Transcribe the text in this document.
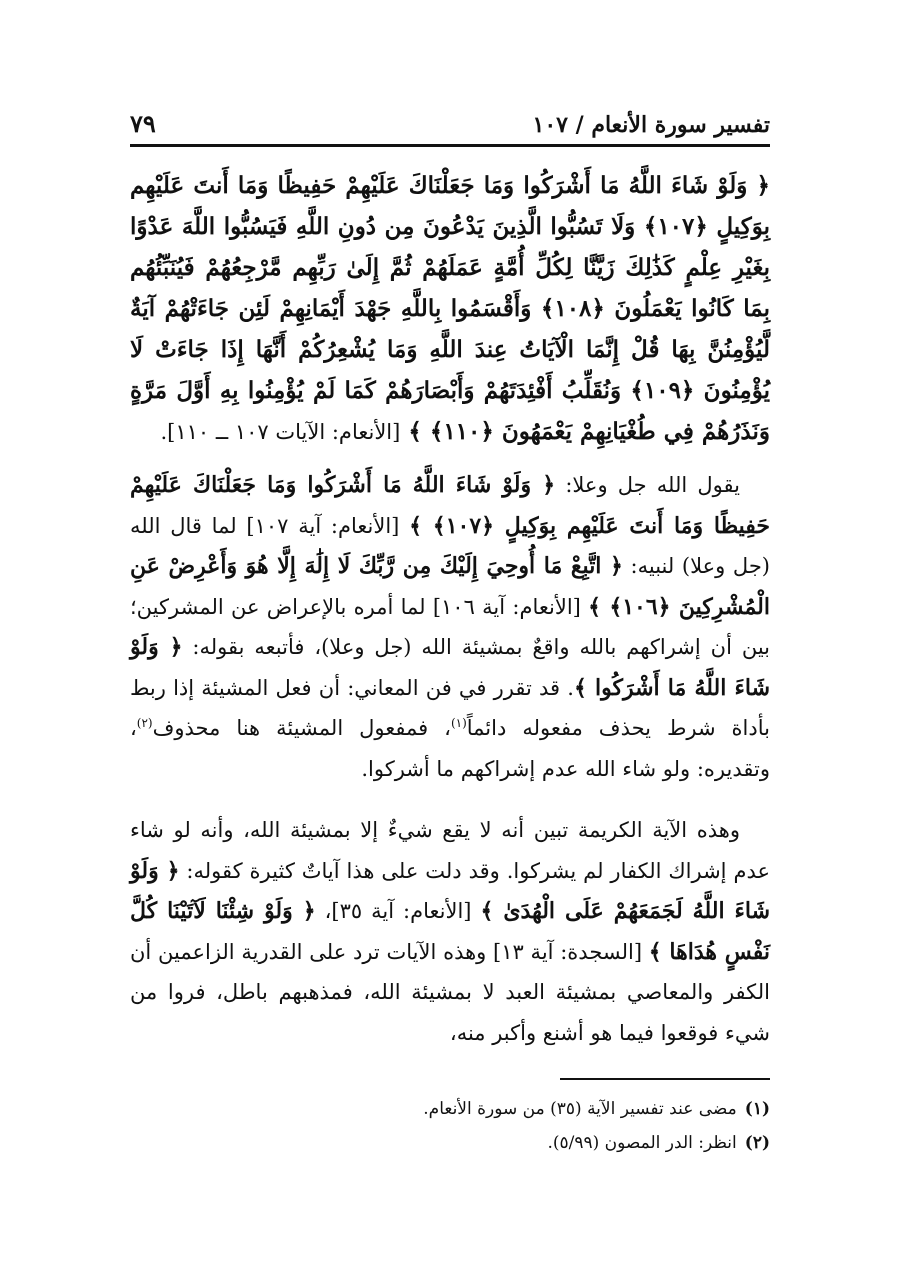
تفسير سورة الأنعام / ١٠٧
٧٩
﴿ وَلَوْ شَاءَ اللَّهُ مَا أَشْرَكُوا وَمَا جَعَلْنَاكَ عَلَيْهِمْ حَفِيظًا وَمَا أَنتَ عَلَيْهِم بِوَكِيلٍ ﴿١٠٧﴾ وَلَا تَسُبُّوا الَّذِينَ يَدْعُونَ مِن دُونِ اللَّهِ فَيَسُبُّوا اللَّهَ عَدْوًا بِغَيْرِ عِلْمٍ كَذَٰلِكَ زَيَّنَّا لِكُلِّ أُمَّةٍ عَمَلَهُمْ ثُمَّ إِلَىٰ رَبِّهِم مَّرْجِعُهُمْ فَيُنَبِّئُهُم بِمَا كَانُوا يَعْمَلُونَ ﴿١٠٨﴾ وَأَقْسَمُوا بِاللَّهِ جَهْدَ أَيْمَانِهِمْ لَئِن جَاءَتْهُمْ آيَةٌ لَّيُؤْمِنُنَّ بِهَا قُلْ إِنَّمَا الْآيَاتُ عِندَ اللَّهِ وَمَا يُشْعِرُكُمْ أَنَّهَا إِذَا جَاءَتْ لَا يُؤْمِنُونَ ﴿١٠٩﴾ وَنُقَلِّبُ أَفْئِدَتَهُمْ وَأَبْصَارَهُمْ كَمَا لَمْ يُؤْمِنُوا بِهِ أَوَّلَ مَرَّةٍ وَنَذَرُهُمْ فِي طُغْيَانِهِمْ يَعْمَهُونَ ﴿١١٠﴾ ﴾ [الأنعام: الآيات ١٠٧ ــ ١١٠].

يقول الله جل وعلا: ﴿ وَلَوْ شَاءَ اللَّهُ مَا أَشْرَكُوا وَمَا جَعَلْنَاكَ عَلَيْهِمْ حَفِيظًا وَمَا أَنتَ عَلَيْهِم بِوَكِيلٍ ﴿١٠٧﴾ ﴾ [الأنعام: آية ١٠٧] لما قال الله (جل وعلا) لنبيه: ﴿ اتَّبِعْ مَا أُوحِيَ إِلَيْكَ مِن رَّبِّكَ لَا إِلَٰهَ إِلَّا هُوَ وَأَعْرِضْ عَنِ الْمُشْرِكِينَ ﴿١٠٦﴾ ﴾ [الأنعام: آية ١٠٦] لما أمره بالإعراض عن المشركين؛ بين أن إشراكهم بالله واقعٌ بمشيئة الله (جل وعلا)، فأتبعه بقوله: ﴿ وَلَوْ شَاءَ اللَّهُ مَا أَشْرَكُوا ﴾. قد تقرر في فن المعاني: أن فعل المشيئة إذا ربط بأداة شرط يحذف مفعوله دائماً$^{(١)}$، فمفعول المشيئة هنا محذوف$^{(٢)}$، وتقديره: ولو شاء الله عدم إشراكهم ما أشركوا.

وهذه الآية الكريمة تبين أنه لا يقع شيءٌ إلا بمشيئة الله، وأنه لو شاء عدم إشراك الكفار لم يشركوا. وقد دلت على هذا آياتٌ كثيرة كقوله: ﴿ وَلَوْ شَاءَ اللَّهُ لَجَمَعَهُمْ عَلَى الْهُدَىٰ ﴾ [الأنعام: آية ٣٥]، ﴿ وَلَوْ شِئْنَا لَآتَيْنَا كُلَّ نَفْسٍ هُدَاهَا ﴾ [السجدة: آية ١٣] وهذه الآيات ترد على القدرية الزاعمين أن الكفر والمعاصي بمشيئة العبد لا بمشيئة الله، فمذهبهم باطل، فروا من شيء فوقعوا فيما هو أشنع وأكبر منه،

(١)مضى عند تفسير الآية (٣٥) من سورة الأنعام.
(٢)انظر: الدر المصون (٥/٩٩).
